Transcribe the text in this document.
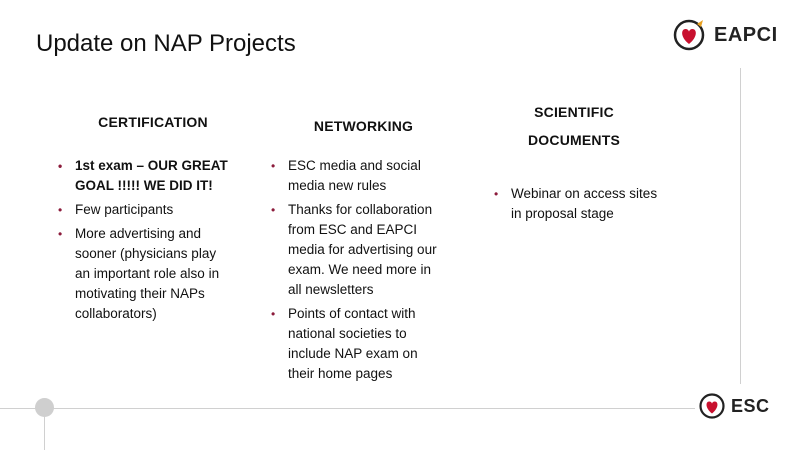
Update on NAP Projects	EAPCI
CERTIFICATION
• 1st exam – OUR GREAT
GOAL !!!!! WE DID IT!
• Few participants
• More advertising and
sooner (physicians play
an important role also in
motivating their NAPs
collaborators)
NETWORKING
• ESC media and social
media new rules
• Thanks for collaboration
from ESC and EAPCI
media for advertising our
exam. We need more in
all newsletters
• Points of contact with
national societies to
include NAP exam on
their home pages
SCIENTIFIC
DOCUMENTS
• Webinar on access sites
in proposal stage
ESC
